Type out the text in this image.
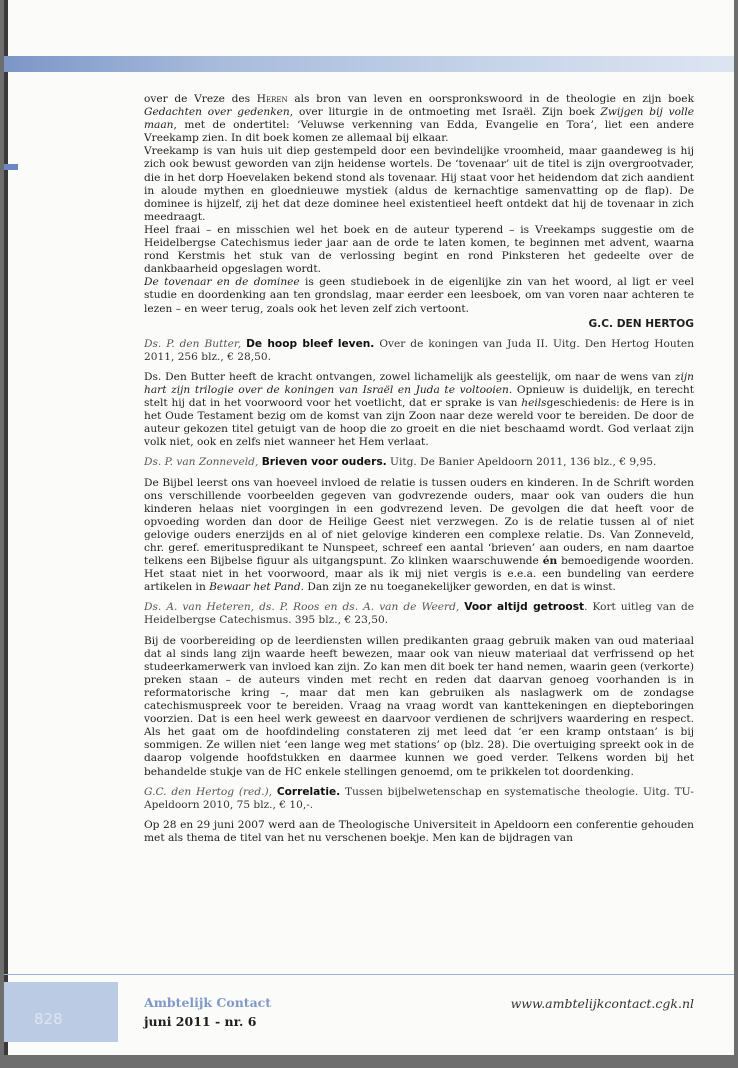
over de Vreze des Heren als bron van leven en oorspronkswoord in de theologie en zijn boek Gedachten over gedenken, over liturgie in de ontmoeting met Israël. Zijn boek Zwijgen bij volle maan, met de ondertitel: ‘Veluwse verkenning van Edda, Evangelie en Tora’, liet een andere Vreekamp zien. In dit boek komen ze allemaal bij elkaar.

Vreekamp is van huis uit diep gestempeld door een bevindelijke vroomheid, maar gaandeweg is hij zich ook bewust geworden van zijn heidense wortels. De ‘tovenaar’ uit de titel is zijn overgrootvader, die in het dorp Hoevelaken bekend stond als tovenaar. Hij staat voor het heidendom dat zich aandient in aloude mythen en gloednieuwe mystiek (aldus de kernachtige samenvatting op de flap). De dominee is hijzelf, zij het dat deze dominee heel existentieel heeft ontdekt dat hij de tovenaar in zich meedraagt.

Heel fraai – en misschien wel het boek en de auteur typerend – is Vreekamps suggestie om de Heidelbergse Catechismus ieder jaar aan de orde te laten komen, te beginnen met advent, waarna rond Kerstmis het stuk van de verlossing begint en rond Pinksteren het gedeelte over de dankbaarheid opgeslagen wordt.

De tovenaar en de dominee is geen studieboek in de eigenlijke zin van het woord, al ligt er veel studie en doordenking aan ten grondslag, maar eerder een leesboek, om van voren naar achteren te lezen – en weer terug, zoals ook het leven zelf zich vertoont.

G.C. DEN HERTOG

Ds. P. den Butter, De hoop bleef leven. Over de koningen van Juda II. Uitg. Den Hertog Houten 2011, 256 blz., € 28,50.

Ds. Den Butter heeft de kracht ontvangen, zowel lichamelijk als geestelijk, om naar de wens van zijn hart zijn trilogie over de koningen van Israël en Juda te voltooien. Opnieuw is duidelijk, en terecht stelt hij dat in het voorwoord voor het voetlicht, dat er sprake is van heilsgeschiedenis: de Here is in het Oude Testament bezig om de komst van zijn Zoon naar deze wereld voor te bereiden. De door de auteur gekozen titel getuigt van de hoop die zo groeit en die niet beschaamd wordt. God verlaat zijn volk niet, ook en zelfs niet wanneer het Hem verlaat.

Ds. P. van Zonneveld, Brieven voor ouders. Uitg. De Banier Apeldoorn 2011, 136 blz., € 9,95.

De Bijbel leerst ons van hoeveel invloed de relatie is tussen ouders en kinderen. In de Schrift worden ons verschillende voorbeelden gegeven van godvrezende ouders, maar ook van ouders die hun kinderen helaas niet voorgingen in een godvrezend leven. De gevolgen die dat heeft voor de opvoeding worden dan door de Heilige Geest niet verzwegen. Zo is de relatie tussen al of niet gelovige ouders enerzijds en al of niet gelovige kinderen een complexe relatie. Ds. Van Zonneveld, chr. geref. emerituspredikant te Nunspeet, schreef een aantal ‘brieven’ aan ouders, en nam daartoe telkens een Bijbelse figuur als uitgangspunt. Zo klinken waarschuwende én bemoedigende woorden. Het staat niet in het voorwoord, maar als ik mij niet vergis is e.e.a. een bundeling van eerdere artikelen in Bewaar het Pand. Dan zijn ze nu toeganekelijker geworden, en dat is winst.

Ds. A. van Heteren, ds. P. Roos en ds. A. van de Weerd, Voor altijd getroost. Kort uitleg van de Heidelbergse Catechismus. 395 blz., € 23,50.

Bij de voorbereiding op de leerdiensten willen predikanten graag gebruik maken van oud materiaal dat al sinds lang zijn waarde heeft bewezen, maar ook van nieuw materiaal dat verfrissend op het studeerkamerwerk van invloed kan zijn. Zo kan men dit boek ter hand nemen, waarin geen (verkorte) preken staan – de auteurs vinden met recht en reden dat daarvan genoeg voorhanden is in reformatorische kring –, maar dat men kan gebruiken als naslagwerk om de zondagse catechismuspreek voor te bereiden. Vraag na vraag wordt van kanttekeningen en diepteboringen voorzien. Dat is een heel werk geweest en daarvoor verdienen de schrijvers waardering en respect. Als het gaat om de hoofdindeling constateren zij met leed dat ‘er een kramp ontstaan’ is bij sommigen. Ze willen niet ‘een lange weg met stations’ op (blz. 28). Die overtuiging spreekt ook in de daarop volgende hoofdstukken en daarmee kunnen we goed verder. Telkens worden bij het behandelde stukje van de HC enkele stellingen genoemd, om te prikkelen tot doordenking.

G.C. den Hertog (red.), Correlatie. Tussen bijbelwetenschap en systematische theologie. Uitg. TU-Apeldoorn 2010, 75 blz., € 10,-.

Op 28 en 29 juni 2007 werd aan de Theologische Universiteit in Apeldoorn een conferentie gehouden met als thema de titel van het nu verschenen boekje. Men kan de bijdragen van

828
Ambtelijk Contact
juni 2011 - nr. 6
www.ambtelijkcontact.cgk.nl
